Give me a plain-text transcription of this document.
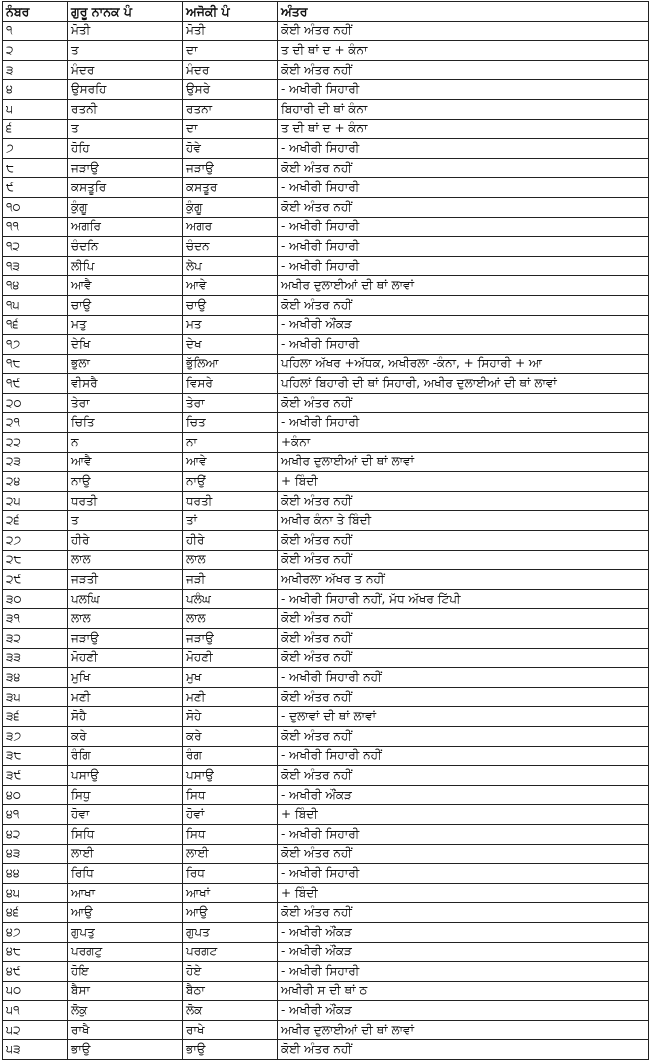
ਨੰਬਰ	ਗੁਰੂ ਨਾਨਕ ਪੰ	ਅਜੋਕੀ ਪੰ	ਅੰਤਰ
੧	ਮੋਤੀ	ਮੋਤੀ	ਕੋਈ ਅੰਤਰ ਨਹੀਂ
੨	ਤ	ਦਾ	ਤ ਦੀ ਥਾਂ ਦ + ਕੰਨਾ
੩	ਮੰਦਰ	ਮੰਦਰ	ਕੋਈ ਅੰਤਰ ਨਹੀਂ
੪	ਉਸਰਹਿ	ਉਸਰੇ	- ਅਖੀਰੀ ਸਿਹਾਰੀ
੫	ਰਤਨੀ	ਰਤਨਾ	ਬਿਹਾਰੀ ਦੀ ਥਾਂ ਕੰਨਾ
੬	ਤ	ਦਾ	ਤ ਦੀ ਥਾਂ ਦ + ਕੰਨਾ
੭	ਹੋਹਿ	ਹੋਵੇ	- ਅਖੀਰੀ ਸਿਹਾਰੀ
੮	ਜੜਾਉ	ਜੜਾਉ	ਕੋਈ ਅੰਤਰ ਨਹੀਂ
੯	ਕਸਤੂਰਿ	ਕਸਤੂਰ	- ਅਖੀਰੀ ਸਿਹਾਰੀ
੧੦	ਕੁੰਗੂ	ਕੁੰਗੂ	ਕੋਈ ਅੰਤਰ ਨਹੀਂ
੧੧	ਅਗਰਿ	ਅਗਰ	- ਅਖੀਰੀ ਸਿਹਾਰੀ
੧੨	ਚੰਦਨਿ	ਚੰਦਨ	- ਅਖੀਰੀ ਸਿਹਾਰੀ
੧੩	ਲੀਪਿ	ਲੇਪ	- ਅਖੀਰੀ ਸਿਹਾਰੀ
੧੪	ਆਵੈ	ਆਵੇ	ਅਖੀਰ ਦੁਲਾਈਆਂ ਦੀ ਥਾਂ ਲਾਵਾਂ
੧੫	ਚਾਉ	ਚਾਉ	ਕੋਈ ਅੰਤਰ ਨਹੀਂ
੧੬	ਮਤੁ	ਮਤ	- ਅਖੀਰੀ ਔਂਕੜ
੧੭	ਦੇਖਿ	ਦੇਖ	- ਅਖੀਰੀ ਸਿਹਾਰੀ
੧੮	ਭੁਲਾ	ਭੁੱਲਿਆ	ਪਹਿਲਾ ਅੱਖਰ +ਅੱਧਕ, ਅਖੀਰਲਾ -ਕੰਨਾ, + ਸਿਹਾਰੀ + ਆ
੧੯	ਵੀਸਰੈ	ਵਿਸਰੇ	ਪਹਿਲਾਂ ਬਿਹਾਰੀ ਦੀ ਥਾਂ ਸਿਹਾਰੀ, ਅਖੀਰ ਦੁਲਾਈਆਂ ਦੀ ਥਾਂ ਲਾਵਾਂ
੨੦	ਤੇਰਾ	ਤੇਰਾ	ਕੋਈ ਅੰਤਰ ਨਹੀਂ
੨੧	ਚਿਤਿ	ਚਿਤ	- ਅਖੀਰੀ ਸਿਹਾਰੀ
੨੨	ਨ	ਨਾ	+ਕੰਨਾ
੨੩	ਆਵੈ	ਆਵੇ	ਅਖੀਰ ਦੁਲਾਈਆਂ ਦੀ ਥਾਂ ਲਾਵਾਂ
੨੪	ਨਾਉ	ਨਾਉਂ	+ ਬਿੰਦੀ
੨੫	ਧਰਤੀ	ਧਰਤੀ	ਕੋਈ ਅੰਤਰ ਨਹੀਂ
੨੬	ਤ	ਤਾਂ	ਅਖੀਰ ਕੰਨਾ ਤੇ ਬਿੰਦੀ
੨੭	ਹੀਰੇ	ਹੀਰੇ	ਕੋਈ ਅੰਤਰ ਨਹੀਂ
੨੮	ਲਾਲ	ਲਾਲ	ਕੋਈ ਅੰਤਰ ਨਹੀਂ
੨੯	ਜੜਤੀ	ਜੜੀ	ਅਖੀਰਲਾ ਅੱਖਰ ਤ ਨਹੀਂ
੩੦	ਪਲਘਿ	ਪਲੰਘ	- ਅਖੀਰੀ ਸਿਹਾਰੀ ਨਹੀਂ, ਮੱਧ ਅੱਖਰ ਟਿੱਪੀ
੩੧	ਲਾਲ	ਲਾਲ	ਕੋਈ ਅੰਤਰ ਨਹੀਂ
੩੨	ਜੜਾਉ	ਜੜਾਉ	ਕੋਈ ਅੰਤਰ ਨਹੀਂ
੩੩	ਮੋਹਣੀ	ਮੋਹਣੀ	ਕੋਈ ਅੰਤਰ ਨਹੀਂ
੩੪	ਮੁਖਿ	ਮੁਖ	- ਅਖੀਰੀ ਸਿਹਾਰੀ ਨਹੀਂ
੩੫	ਮਣੀ	ਮਣੀ	ਕੋਈ ਅੰਤਰ ਨਹੀਂ
੩੬	ਸੋਹੈ	ਸੋਹੇ	- ਦੁਲਾਵਾਂ ਦੀ ਥਾਂ ਲਾਵਾਂ
੩੭	ਕਰੇ	ਕਰੇ	ਕੋਈ ਅੰਤਰ ਨਹੀਂ
੩੮	ਰੰਗਿ	ਰੰਗ	- ਅਖੀਰੀ ਸਿਹਾਰੀ ਨਹੀਂ
੩੯	ਪਸਾਉ	ਪਸਾਉ	ਕੋਈ ਅੰਤਰ ਨਹੀਂ
੪੦	ਸਿਧੁ	ਸਿਧ	- ਅਖੀਰੀ ਔਂਕੜ
੪੧	ਹੋਵਾ	ਹੋਵਾਂ	+ ਬਿੰਦੀ
੪੨	ਸਿਧਿ	ਸਿਧ	- ਅਖੀਰੀ ਸਿਹਾਰੀ
੪੩	ਲਾਈ	ਲਾਈ	ਕੋਈ ਅੰਤਰ ਨਹੀਂ
੪੪	ਰਿਧਿ	ਰਿਧ	- ਅਖੀਰੀ ਸਿਹਾਰੀ
੪੫	ਆਖਾ	ਆਖਾਂ	+ ਬਿੰਦੀ
੪੬	ਆਉ	ਆਉ	ਕੋਈ ਅੰਤਰ ਨਹੀਂ
੪੭	ਗੁਪਤੁ	ਗੁਪਤ	- ਅਖੀਰੀ ਔਂਕੜ
੪੮	ਪਰਗਟੁ	ਪਰਗਟ	- ਅਖੀਰੀ ਔਂਕੜ
੪੯	ਹੋਇ	ਹੋਏ	- ਅਖੀਰੀ ਸਿਹਾਰੀ
੫੦	ਬੈਸਾ	ਬੈਠਾ	ਅਖੀਰੀ ਸ ਦੀ ਥਾਂ ਠ
੫੧	ਲੋਕੁ	ਲੋਕ	- ਅਖੀਰੀ ਔਂਕੜ
੫੨	ਰਾਖੈ	ਰਾਖੇ	ਅਖੀਰ ਦੁਲਾਈਆਂ ਦੀ ਥਾਂ ਲਾਵਾਂ
੫੩	ਭਾਉ	ਭਾਉ	ਕੋਈ ਅੰਤਰ ਨਹੀਂ
